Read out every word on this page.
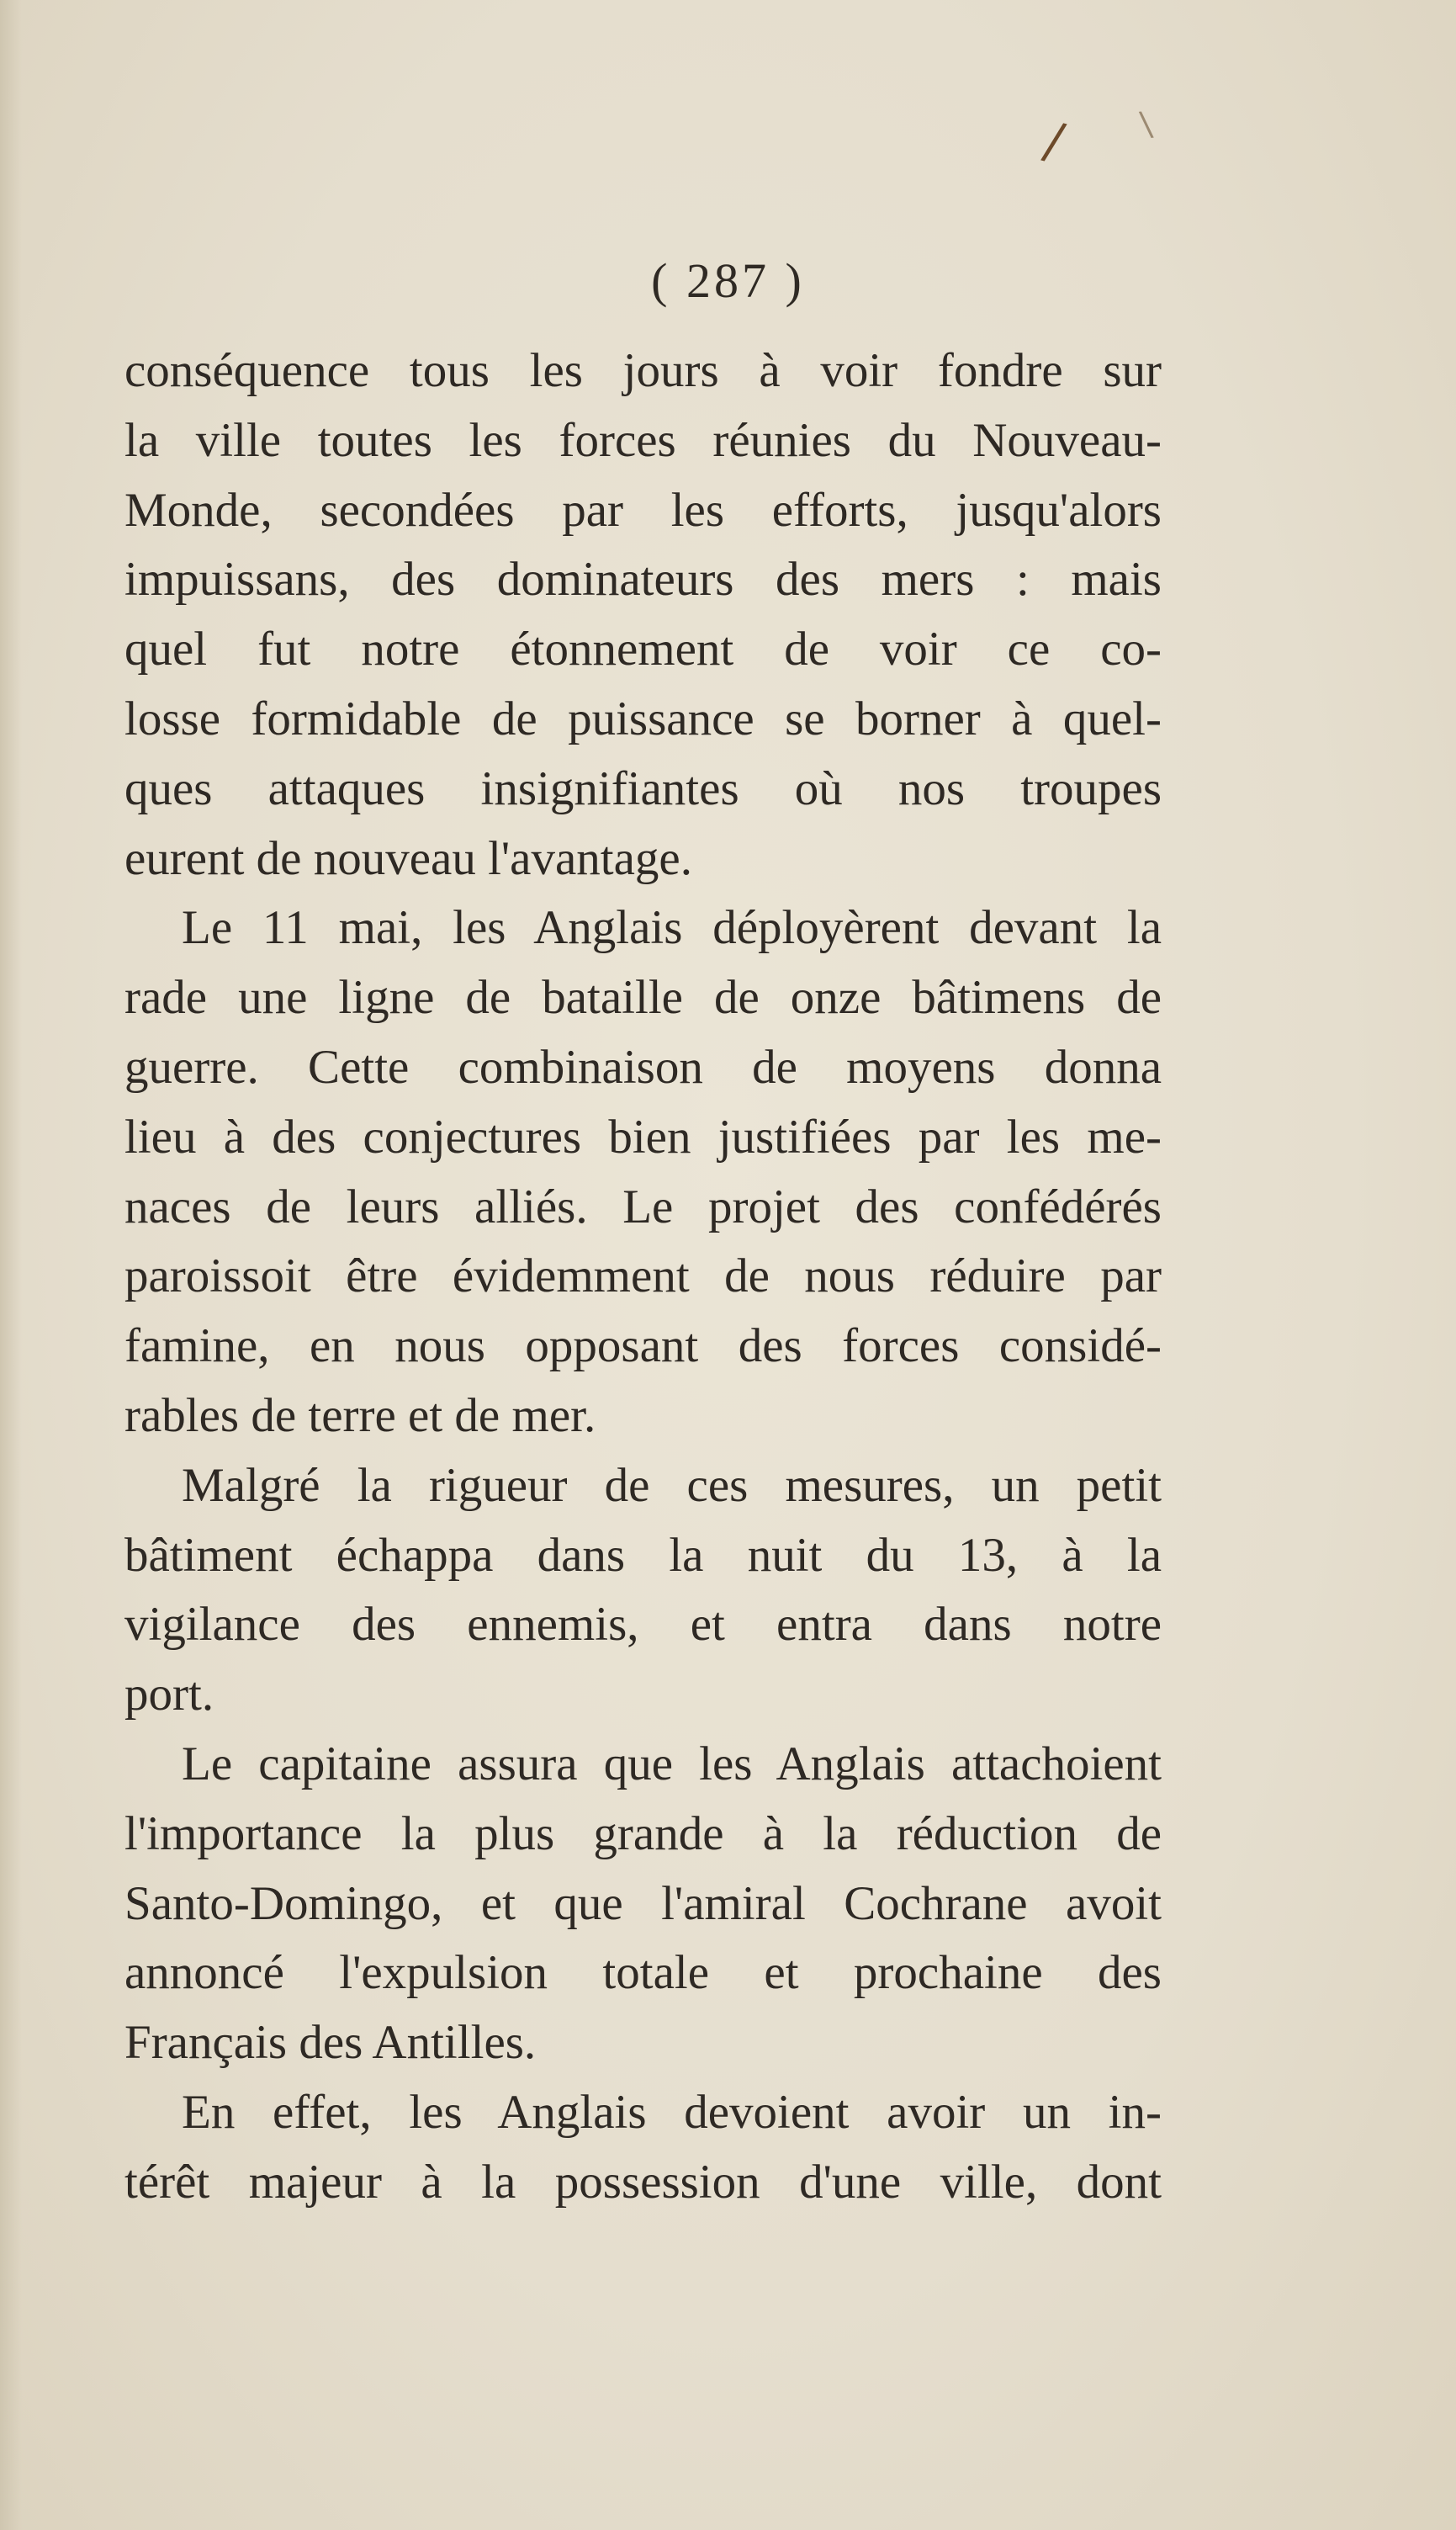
/ \
( 287 )
conséquence tous les jours à voir fondre sur
la ville toutes les forces réunies du Nouveau-
Monde, secondées par les efforts, jusqu'alors
impuissans, des dominateurs des mers : mais
quel fut notre étonnement de voir ce co-
losse formidable de puissance se borner à quel-
ques attaques insignifiantes où nos troupes
eurent de nouveau l'avantage.
Le 11 mai, les Anglais déployèrent devant la
rade une ligne de bataille de onze bâtimens de
guerre. Cette combinaison de moyens donna
lieu à des conjectures bien justifiées par les me-
naces de leurs alliés. Le projet des confédérés
paroissoit être évidemment de nous réduire par
famine, en nous opposant des forces considé-
rables de terre et de mer.
Malgré la rigueur de ces mesures, un petit
bâtiment échappa dans la nuit du 13, à la
vigilance des ennemis, et entra dans notre
port.
Le capitaine assura que les Anglais attachoient
l'importance la plus grande à la réduction de
Santo-Domingo, et que l'amiral Cochrane avoit
annoncé l'expulsion totale et prochaine des
Français des Antilles.
En effet, les Anglais devoient avoir un in-
térêt majeur à la possession d'une ville, dont
